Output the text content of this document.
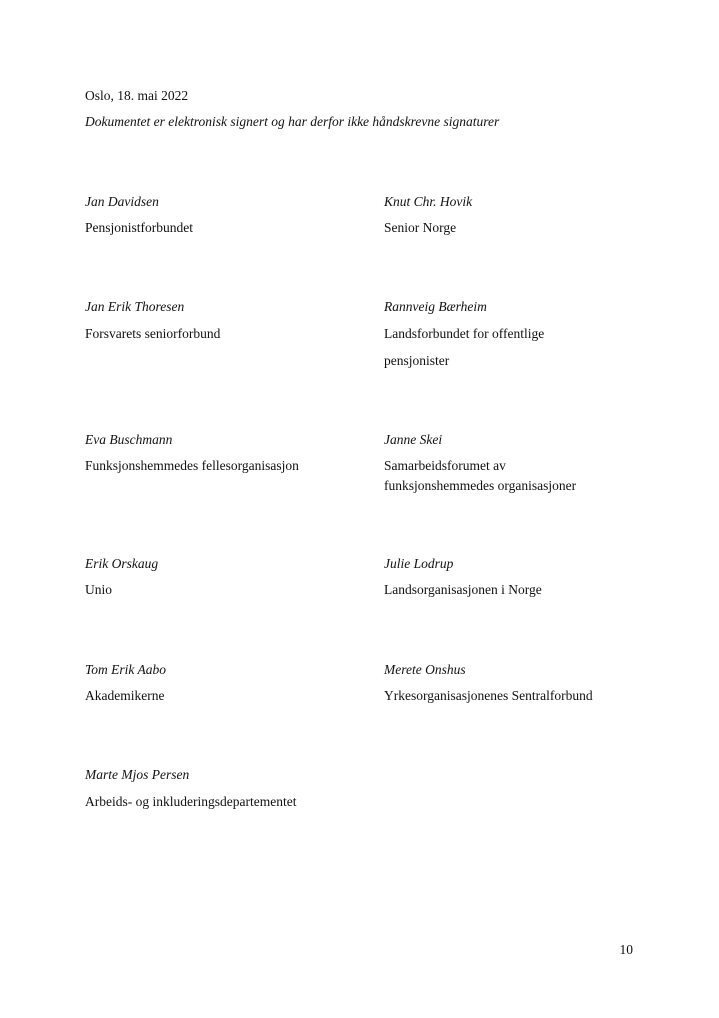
Oslo, 18. mai 2022
Dokumentet er elektronisk signert og har derfor ikke håndskrevne signaturer
Jan Davidsen
Pensjonistforbundet
Knut Chr. Hovik
Senior Norge
Jan Erik Thoresen
Forsvarets seniorforbund
Rannveig Bærheim
Landsforbundet for offentlige
pensjonister
Eva Buschmann
Funksjonshemmedes fellesorganisasjon
Janne Skei
Samarbeidsforumet av
funksjonshemmedes organisasjoner
Erik Orskaug
Unio
Julie Lodrup
Landsorganisasjonen i Norge
Tom Erik Aabo
Akademikerne
Merete Onshus
Yrkesorganisasjonenes Sentralforbund
Marte Mjos Persen
Arbeids- og inkluderingsdepartementet
10
